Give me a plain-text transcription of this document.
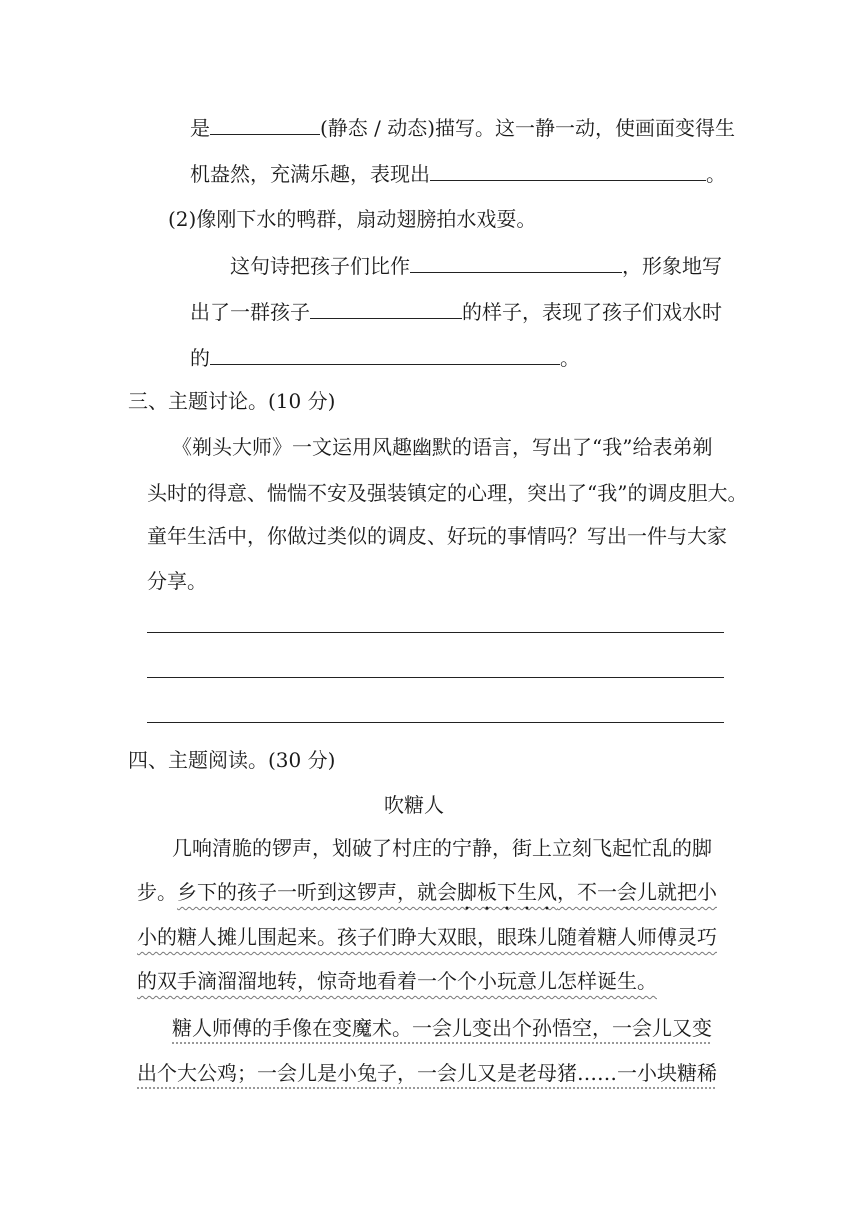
是	(静态 / 动态)描写。这一静一动，使画面变得生
机盎然，充满乐趣，表现出	。
(2)像刚下水的鸭群，扇动翅膀拍水戏耍。
这句诗把孩子们比作	，形象地写
出了一群孩子	的样子，表现了孩子们戏水时
的	。
三、主题讨论。(10 分)
《剃头大师》一文运用风趣幽默的语言，写出了“我”给表弟剃
头时的得意、惴惴不安及强装镇定的心理，突出了“我”的调皮胆大。
童年生活中，你做过类似的调皮、好玩的事情吗？写出一件与大家
分享。
四、主题阅读。(30 分)
吹糖人
几响清脆的锣声，划破了村庄的宁静，街上立刻飞起忙乱的脚
步。乡下的孩子一听到这锣声，就会脚板下生风，不一会儿就把小
小的糖人摊儿围起来。孩子们睁大双眼，眼珠儿随着糖人师傅灵巧
的双手滴溜溜地转，惊奇地看着一个个小玩意儿怎样诞生。
糖人师傅的手像在变魔术。一会儿变出个孙悟空，一会儿又变
出个大公鸡；一会儿是小兔子，一会儿又是老母猪……一小块糖稀
